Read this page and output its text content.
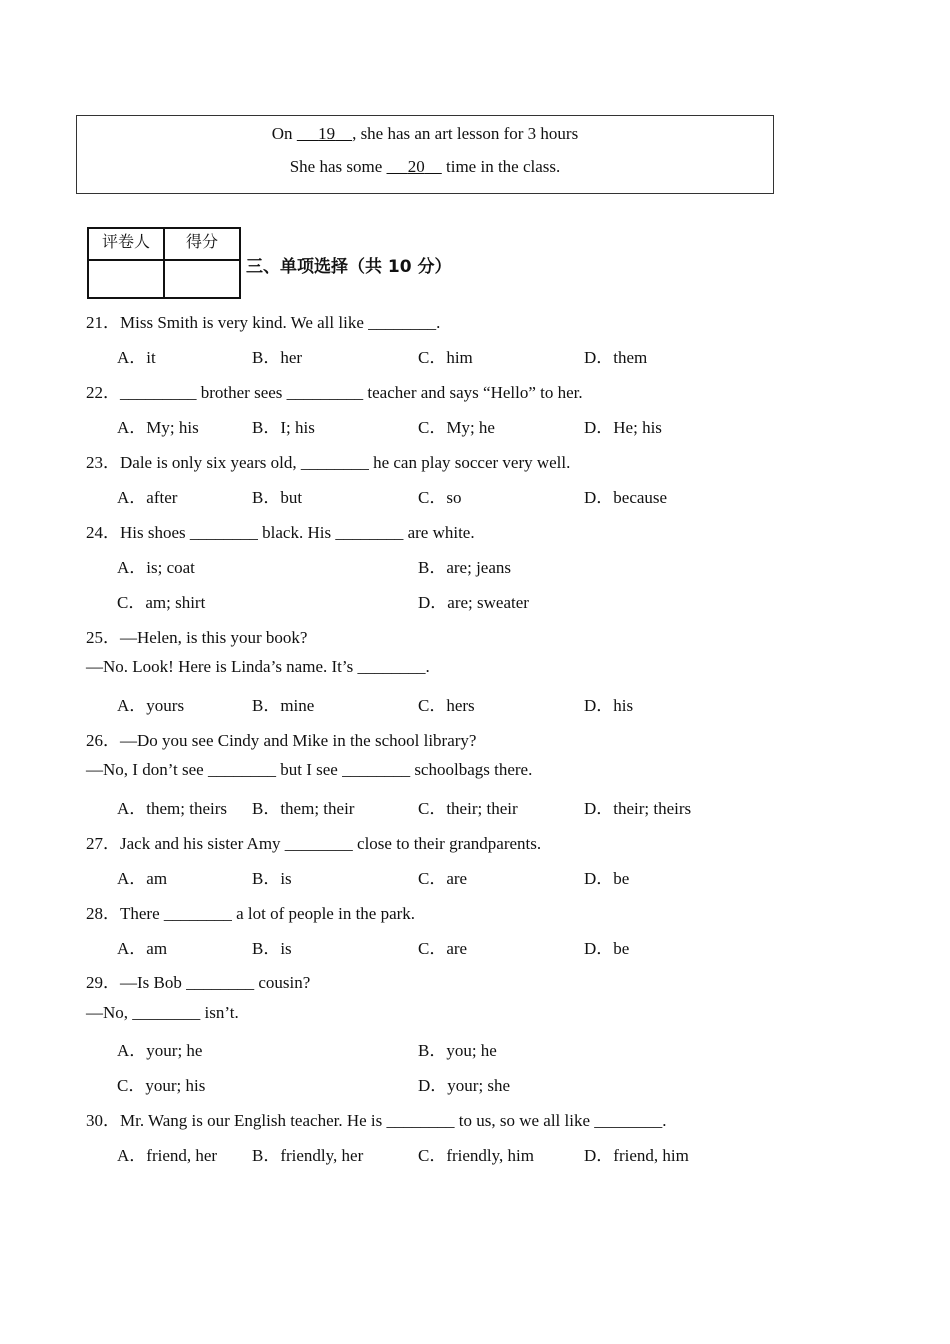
On      19 , she has an art lesson for 3 hours
She has some      20     time in the class.
评卷人	得分

三、单项选择（共 10 分）
21．Miss Smith is very kind. We all like ________.
A．it	B．her	C．him	D．them
22．_________ brother sees _________ teacher and says “Hello” to her.
A．My; his	B．I; his	C．My; he	D．He; his
23．Dale is only six years old, ________ he can play soccer very well.
A．after	B．but	C．so	D．because
24．His shoes ________ black. His ________ are white.
A．is; coat	B．are; jeans
C．am; shirt	D．are; sweater
25．—Helen, is this your book?
—No. Look! Here is Linda’s name. It’s ________.
A．yours	B．mine	C．hers	D．his
26．—Do you see Cindy and Mike in the school library?
—No, I don’t see ________ but I see ________ schoolbags there.
A．them; theirs B．them; their	C．their; their	D．their; theirs
27．Jack and his sister Amy ________ close to their grandparents.
A．am	B．is	C．are	D．be
28．There ________ a lot of people in the park.
A．am	B．is	C．are	D．be
29．—Is Bob ________ cousin?
—No, ________ isn’t.
A．your; he	B．you; he
C．your; his	D．your; she
30．Mr. Wang is our English teacher. He is ________ to us, so we all like ________.
A．friend, her B．friendly, her	C．friendly, him	D．friend, him
